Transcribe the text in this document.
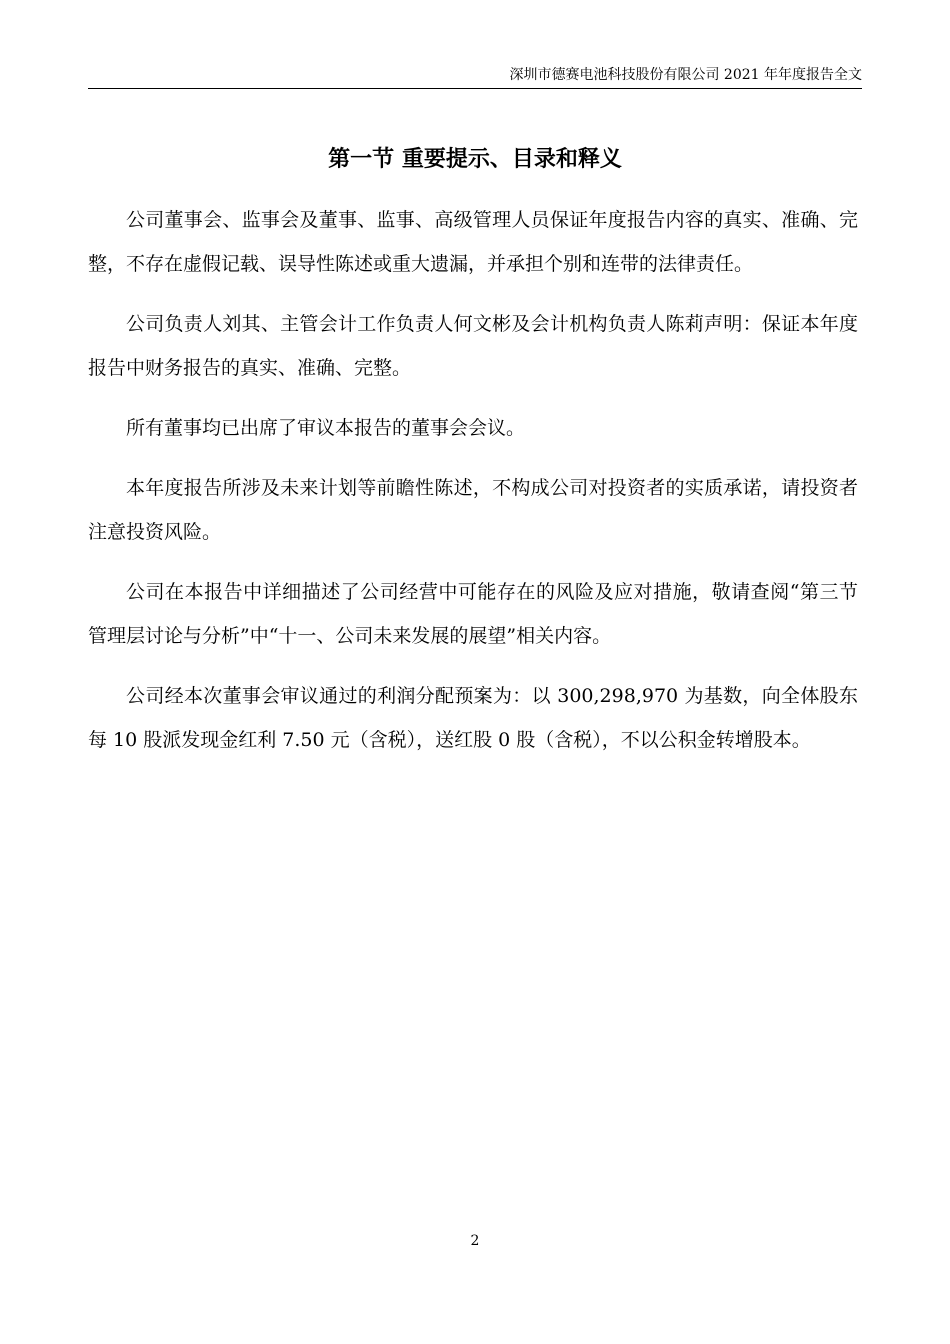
深圳市德赛电池科技股份有限公司 2021 年年度报告全文
第一节 重要提示、目录和释义

公司董事会、监事会及董事、监事、高级管理人员保证年度报告内容的真实、准确、完整，不存在虚假记载、误导性陈述或重大遗漏，并承担个别和连带的法律责任。

公司负责人刘其、主管会计工作负责人何文彬及会计机构负责人陈莉声明：保证本年度报告中财务报告的真实、准确、完整。

所有董事均已出席了审议本报告的董事会会议。

本年度报告所涉及未来计划等前瞻性陈述，不构成公司对投资者的实质承诺，请投资者注意投资风险。

公司在本报告中详细描述了公司经营中可能存在的风险及应对措施，敬请查阅“第三节 管理层讨论与分析”中“十一、公司未来发展的展望”相关内容。

公司经本次董事会审议通过的利润分配预案为：以 300,298,970 为基数，向全体股东每 10 股派发现金红利 7.50 元（含税），送红股 0 股（含税），不以公积金转增股本。

2
